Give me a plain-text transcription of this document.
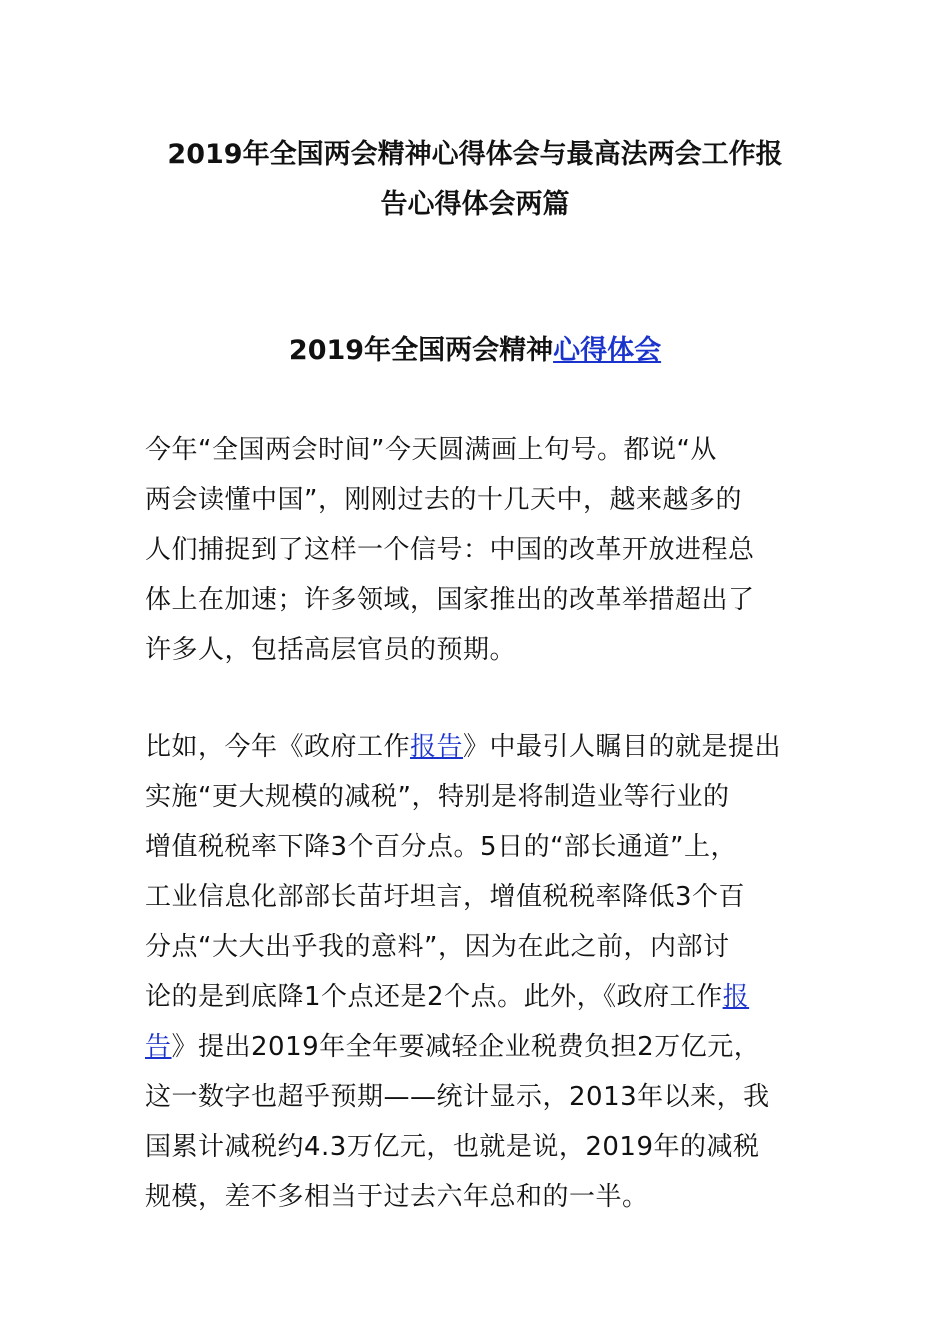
2019年全国两会精神心得体会与最高法两会工作报
告心得体会两篇
2019年全国两会精神心得体会

今年“全国两会时间”今天圆满画上句号。都说“从
两会读懂中国”，刚刚过去的十几天中，越来越多的
人们捕捉到了这样一个信号：中国的改革开放进程总
体上在加速；许多领域，国家推出的改革举措超出了
许多人，包括高层官员的预期。

比如，今年《政府工作报告》中最引人瞩目的就是提出
实施“更大规模的减税”，特别是将制造业等行业的
增值税税率下降3个百分点。5日的“部长通道”上，
工业信息化部部长苗圩坦言，增值税税率降低3个百
分点“大大出乎我的意料”，因为在此之前，内部讨
论的是到底降1个点还是2个点。此外，《政府工作报
告》提出2019年全年要减轻企业税费负担2万亿元，
这一数字也超乎预期——统计显示，2013年以来，我
国累计减税约4.3万亿元，也就是说，2019年的减税
规模，差不多相当于过去六年总和的一半。
